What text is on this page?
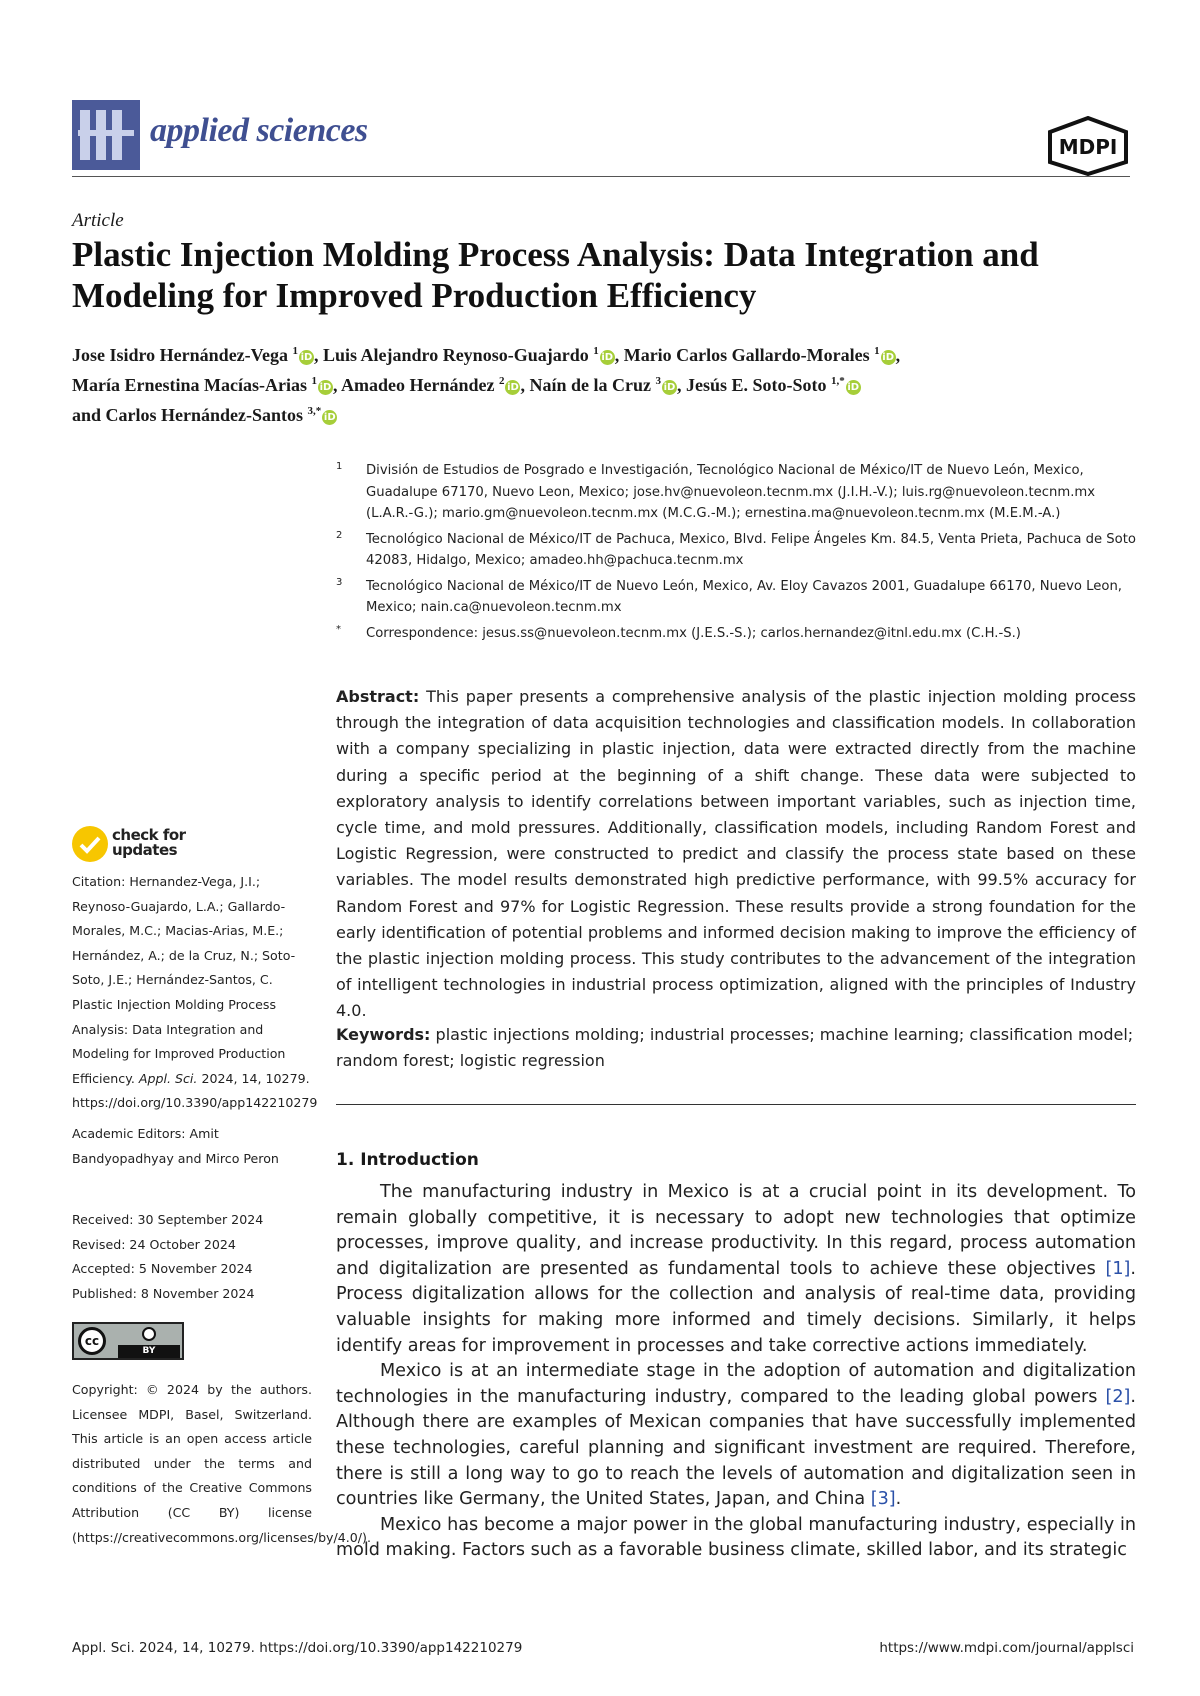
applied sciences	MDPI
Article
Plastic Injection Molding Process Analysis: Data Integration and Modeling for Improved Production Efficiency
Jose Isidro Hernández-Vega $^1$iD, Luis Alejandro Reynoso-Guajardo $^1$iD, Mario Carlos Gallardo-Morales $^1$iD,
María Ernestina Macías-Arias $^1$iD, Amadeo Hernández $^2$iD, Naín de la Cruz $^3$iD, Jesús E. Soto-Soto $^{1,*}$iD
and Carlos Hernández-Santos $^{3,*}$iD
1 División de Estudios de Posgrado e Investigación, Tecnológico Nacional de México/IT de Nuevo León, Mexico, Guadalupe 67170, Nuevo Leon, Mexico; jose.hv@nuevoleon.tecnm.mx (J.I.H.-V.); luis.rg@nuevoleon.tecnm.mx (L.A.R.-G.); mario.gm@nuevoleon.tecnm.mx (M.C.G.-M.); ernestina.ma@nuevoleon.tecnm.mx (M.E.M.-A.)
2 Tecnológico Nacional de México/IT de Pachuca, Mexico, Blvd. Felipe Ángeles Km. 84.5, Venta Prieta, Pachuca de Soto 42083, Hidalgo, Mexico; amadeo.hh@pachuca.tecnm.mx
3 Tecnológico Nacional de México/IT de Nuevo León, Mexico, Av. Eloy Cavazos 2001, Guadalupe 66170, Nuevo Leon, Mexico; nain.ca@nuevoleon.tecnm.mx
* Correspondence: jesus.ss@nuevoleon.tecnm.mx (J.E.S.-S.); carlos.hernandez@itnl.edu.mx (C.H.-S.)
Abstract: This paper presents a comprehensive analysis of the plastic injection molding process through the integration of data acquisition technologies and classification models. In collaboration with a company specializing in plastic injection, data were extracted directly from the machine during a specific period at the beginning of a shift change. These data were subjected to exploratory analysis to identify correlations between important variables, such as injection time, cycle time, and mold pressures. Additionally, classification models, including Random Forest and Logistic Regression, were constructed to predict and classify the process state based on these variables. The model results demonstrated high predictive performance, with 99.5% accuracy for Random Forest and 97% for Logistic Regression. These results provide a strong foundation for the early identification of potential problems and informed decision making to improve the efficiency of the plastic injection molding process. This study contributes to the advancement of the integration of intelligent technologies in industrial process optimization, aligned with the principles of Industry 4.0.
Keywords: plastic injections molding; industrial processes; machine learning; classification model; random forest; logistic regression
1. Introduction

The manufacturing industry in Mexico is at a crucial point in its development. To remain globally competitive, it is necessary to adopt new technologies that optimize processes, improve quality, and increase productivity. In this regard, process automation and digitalization are presented as fundamental tools to achieve these objectives [1]. Process digitalization allows for the collection and analysis of real-time data, providing valuable insights for making more informed and timely decisions. Similarly, it helps identify areas for improvement in processes and take corrective actions immediately.

Mexico is at an intermediate stage in the adoption of automation and digitalization technologies in the manufacturing industry, compared to the leading global powers [2]. Although there are examples of Mexican companies that have successfully implemented these technologies, careful planning and significant investment are required. Therefore, there is still a long way to go to reach the levels of automation and digitalization seen in countries like Germany, the United States, Japan, and China [3].

Mexico has become a major power in the global manufacturing industry, especially in mold making. Factors such as a favorable business climate, skilled labor, and its strategic

check for
updates
Citation: Hernandez-Vega, J.I.; Reynoso-Guajardo, L.A.; Gallardo-Morales, M.C.; Macias-Arias, M.E.; Hernández, A.; de la Cruz, N.; Soto-Soto, J.E.; Hernández-Santos, C. Plastic Injection Molding Process Analysis: Data Integration and Modeling for Improved Production Efficiency. Appl. Sci. 2024, 14, 10279. https://doi.org/10.3390/app142210279
Academic Editors: Amit Bandyopadhyay and Mirco Peron
Received: 30 September 2024
Revised: 24 October 2024
Accepted: 5 November 2024
Published: 8 November 2024
cc
BY
Copyright: © 2024 by the authors. Licensee MDPI, Basel, Switzerland. This article is an open access article distributed under the terms and conditions of the Creative Commons Attribution (CC BY) license (https://creativecommons.org/licenses/by/4.0/).
Appl. Sci. 2024, 14, 10279. https://doi.org/10.3390/app142210279	https://www.mdpi.com/journal/applsci
